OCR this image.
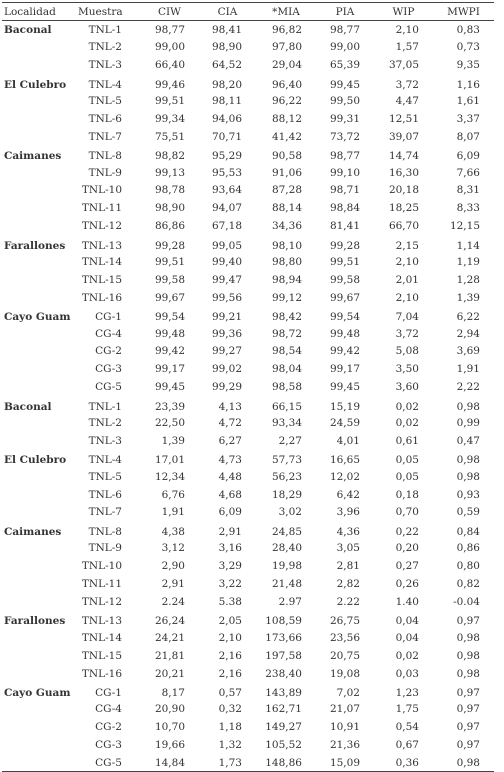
Localidad	Muestra	CIW	CIA	*MIA	PIA	WIP	MWPI
Baconal	TNL-1	98,77	98,41	96,82	98,77	2,10	0,83
	TNL-2	99,00	98,90	97,80	99,00	1,57	0,73
	TNL-3	66,40	64,52	29,04	65,39	37,05	9,35
El Culebro	TNL-4	99,46	98,20	96,40	99,45	3,72	1,16
	TNL-5	99,51	98,11	96,22	99,50	4,47	1,61
	TNL-6	99,34	94,06	88,12	99,31	12,51	3,37
	TNL-7	75,51	70,71	41,42	73,72	39,07	8,07
Caimanes	TNL-8	98,82	95,29	90,58	98,77	14,74	6,09
	TNL-9	99,13	95,53	91,06	99,10	16,30	7,66
	TNL-10	98,78	93,64	87,28	98,71	20,18	8,31
	TNL-11	98,90	94,07	88,14	98,84	18,25	8,33
	TNL-12	86,86	67,18	34,36	81,41	66,70	12,15
Farallones	TNL-13	99,28	99,05	98,10	99,28	2,15	1,14
	TNL-14	99,51	99,40	98,80	99,51	2,10	1,19
	TNL-15	99,58	99,47	98,94	99,58	2,01	1,28
	TNL-16	99,67	99,56	99,12	99,67	2,10	1,39
Cayo Guam	CG-1	99,54	99,21	98,42	99,54	7,04	6,22
	CG-4	99,48	99,36	98,72	99,48	3,72	2,94
	CG-2	99,42	99,27	98,54	99,42	5,08	3,69
	CG-3	99,17	99,02	98,04	99,17	3,50	1,91
	CG-5	99,45	99,29	98,58	99,45	3,60	2,22
Baconal	TNL-1	23,39	4,13	66,15	15,19	0,02	0,98
	TNL-2	22,50	4,72	93,34	24,59	0,02	0,99
	TNL-3	1,39	6,27	2,27	4,01	0,61	0,47
El Culebro	TNL-4	17,01	4,73	57,73	16,65	0,05	0,98
	TNL-5	12,34	4,48	56,23	12,02	0,05	0,98
	TNL-6	6,76	4,68	18,29	6,42	0,18	0,93
	TNL-7	1,91	6,09	3,02	3,96	0,70	0,59
Caimanes	TNL-8	4,38	2,91	24,85	4,36	0,22	0,84
	TNL-9	3,12	3,16	28,40	3,05	0,20	0,86
	TNL-10	2,90	3,29	19,98	2,81	0,27	0,80
	TNL-11	2,91	3,22	21,48	2,82	0,26	0,82
	TNL-12	2.24	5.38	2.97	2.22	1.40	-0.04
Farallones	TNL-13	26,24	2,05	108,59	26,75	0,04	0,97
	TNL-14	24,21	2,10	173,66	23,56	0,04	0,98
	TNL-15	21,81	2,16	197,58	20,75	0,02	0,98
	TNL-16	20,21	2,16	238,40	19,08	0,03	0,98
Cayo Guam	CG-1	8,17	0,57	143,89	7,02	1,23	0,97
	CG-4	20,90	0,32	162,71	21,07	1,75	0,97
	CG-2	10,70	1,18	149,27	10,91	0,54	0,97
	CG-3	19,66	1,32	105,52	21,36	0,67	0,97
	CG-5	14,84	1,73	148,86	15,09	0,36	0,98
